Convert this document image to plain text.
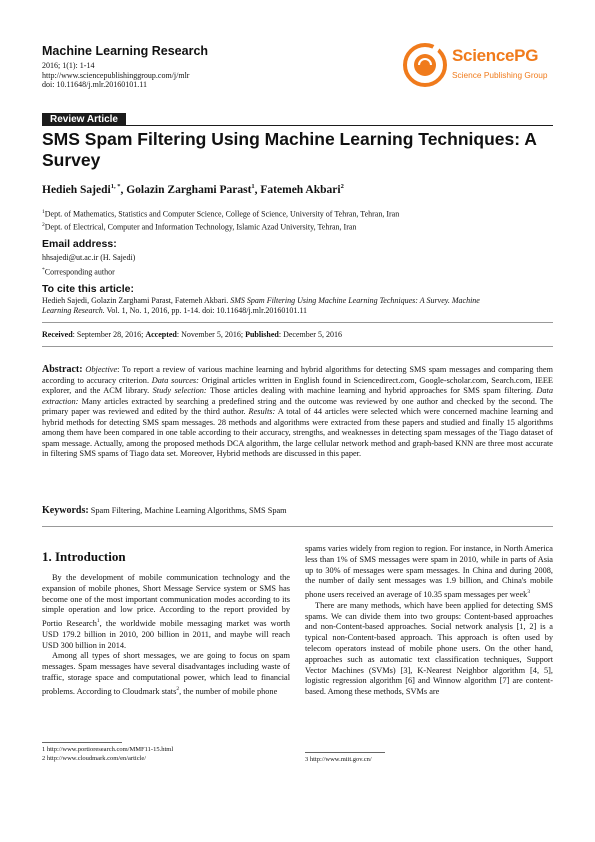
Machine Learning Research
2016; 1(1): 1-14
http://www.sciencepublishinggroup.com/j/mlr
doi: 10.11648/j.mlr.20160101.11
SciencePG
Science Publishing Group
Review Article
SMS Spam Filtering Using Machine Learning Techniques: A Survey
Hedieh Sajedi$^{1, *}$, Golazin Zarghami Parast$^1$, Fatemeh Akbari$^2$
$^1$Dept. of Mathematics, Statistics and Computer Science, College of Science, University of Tehran, Tehran, Iran
$^2$Dept. of Electrical, Computer and Information Technology, Islamic Azad University, Tehran, Iran
Email address:
hhsajedi@ut.ac.ir (H. Sajedi)
*Corresponding author
To cite this article:
Hedieh Sajedi, Golazin Zarghami Parast, Fatemeh Akbari. SMS Spam Filtering Using Machine Learning Techniques: A Survey. Machine
Learning Research. Vol. 1, No. 1, 2016, pp. 1-14. doi: 10.11648/j.mlr.20160101.11
Received: September 28, 2016; Accepted: November 5, 2016; Published: December 5, 2016
Abstract: Objective: To report a review of various machine learning and hybrid algorithms for detecting SMS spam messages and comparing them according to accuracy criterion. Data sources: Original articles written in English found in Sciencedirect.com, Google-scholar.com, Search.com, IEEE explorer, and the ACM library. Study selection: Those articles dealing with machine learning and hybrid approaches for SMS spam filtering. Data extraction: Many articles extracted by searching a predefined string and the outcome was reviewed by one author and checked by the second. The primary paper was reviewed and edited by the third author. Results: A total of 44 articles were selected which were concerned machine learning and hybrid methods for detecting SMS spam messages. 28 methods and algorithms were extracted from these papers and studied and finally 15 algorithms among them have been compared in one table according to their accuracy, strengths, and weaknesses in detecting spam messages of the Tiago dataset of spam message. Actually, among the proposed methods DCA algorithm, the large cellular network method and graph-based KNN are three most accurate in filtering SMS spams of Tiago data set. Moreover, Hybrid methods are discussed in this paper.
Keywords: Spam Filtering, Machine Learning Algorithms, SMS Spam
1. Introduction

By the development of mobile communication technology and the expansion of mobile phones, Short Message Service system or SMS has become one of the most important communication modes according to its simple operation and low price. According to the report provided by Portio Research$^1$, the worldwide mobile messaging market was worth USD 179.2 billion in 2010, 200 billion in 2011, and maybe will reach USD 300 billion in 2014.

Among all types of short messages, we are going to focus on spam messages. Spam messages have several disadvantages including waste of traffic, storage space and computational power, which lead to financial problems. According to Cloudmark stats$^2$, the number of mobile phone

spams varies widely from region to region. For instance, in North America less than 1% of SMS messages were spam in 2010, while in parts of Asia up to 30% of messages were spam messages. In China and during 2008, the number of daily sent messages was 1.9 billion, and China's mobile phone users received an average of 10.35 spam messages per week$^3$

There are many methods, which have been applied for detecting SMS spams. We can divide them into two groups: Content-based approaches and non-Content-based approaches. Social network analysis [1, 2] is a typical non-Content-based approach. This approach is often used by telecom operators instead of mobile phone users. On the other hand, approaches such as automatic text classification techniques, Support Vector Machines (SVMs) [3], K-Nearest Neighbor algorithm [4, 5], logistic regression algorithm [6] and Winnow algorithm [7] are content-based. Among these methods, SVMs are

1 http://www.portioresearch.com/MMF11-15.html
2 http://www.cloudmark.com/en/article/	3 http://www.miit.gov.cn/
